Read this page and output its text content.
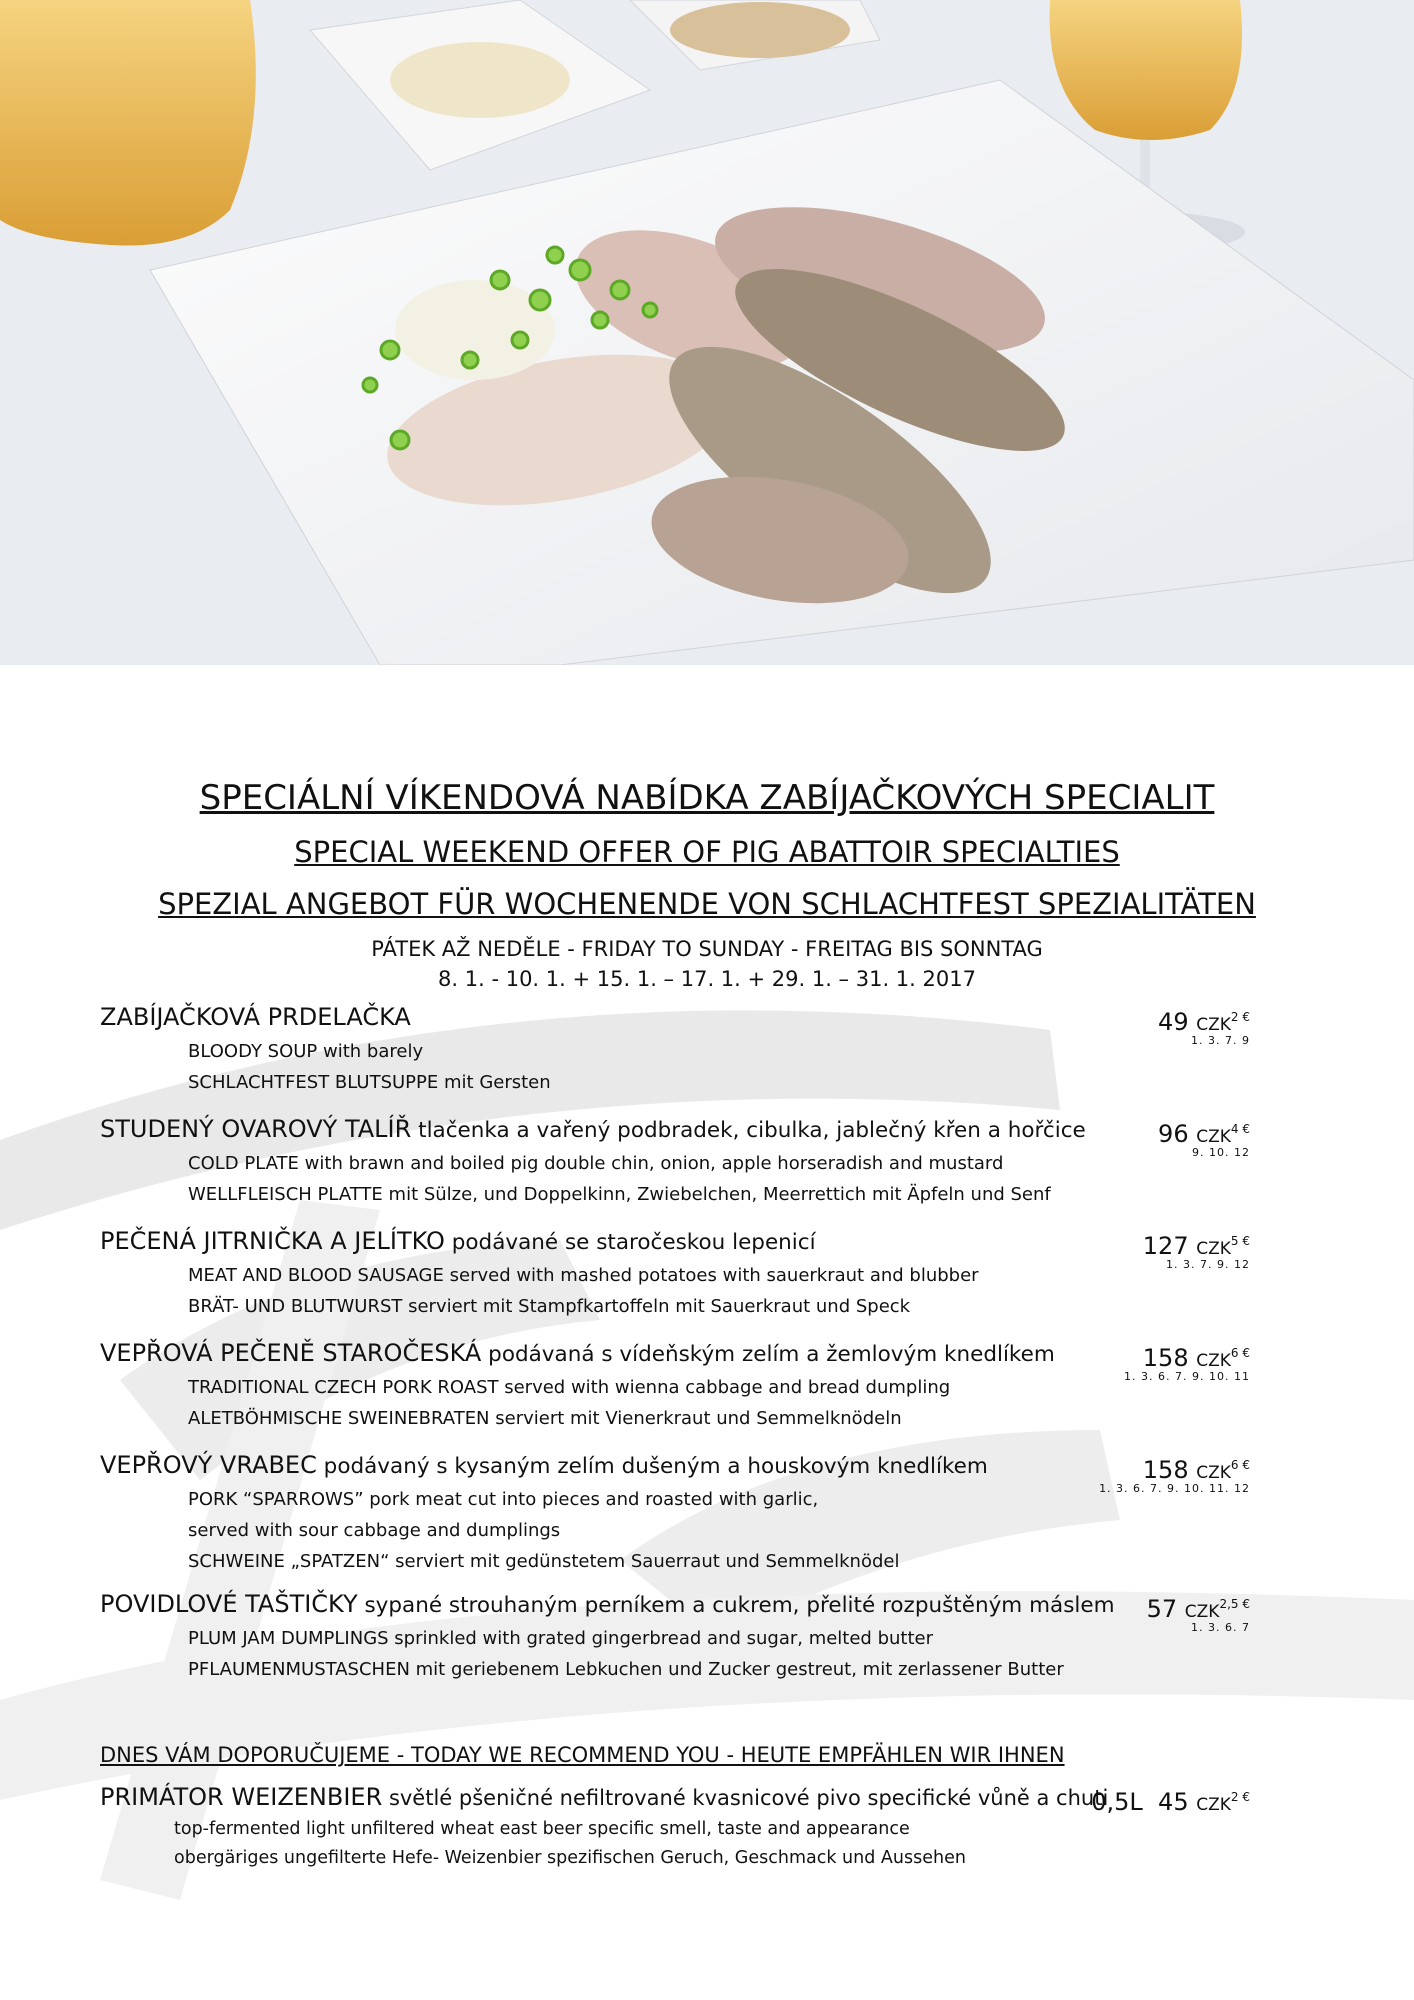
SPECIÁLNÍ VÍKENDOVÁ NABÍDKA ZABÍJAČKOVÝCH SPECIALIT
SPECIAL WEEKEND OFFER OF PIG ABATTOIR SPECIALTIES
SPEZIAL ANGEBOT FÜR WOCHENENDE VON SCHLACHTFEST SPEZIALITÄTEN
PÁTEK AŽ NEDĚLE - FRIDAY TO SUNDAY - FREITAG BIS SONNTAG
8. 1. - 10. 1. + 15. 1. – 17. 1. + 29. 1. – 31. 1. 2017
ZABÍJAČKOVÁ PRDELAČKA
BLOODY SOUP with barely
SCHLACHTFEST BLUTSUPPE mit Gersten
49 $CZK^{2 €}$
1. 3. 7. 9
STUDENÝ OVAROVÝ TALÍŘ tlačenka a vařený podbradek, cibulka, jablečný křen a hořčice
COLD PLATE with brawn and boiled pig double chin, onion, apple horseradish and mustard
WELLFLEISCH PLATTE mit Sülze, und Doppelkinn, Zwiebelchen, Meerrettich mit Äpfeln und Senf
96 $CZK^{4 €}$
9. 10. 12
PEČENÁ JITRNIČKA A JELÍTKO podávané se staročeskou lepenicí
MEAT AND BLOOD SAUSAGE served with mashed potatoes with sauerkraut and blubber
BRÄT- UND BLUTWURST serviert mit Stampfkartoffeln mit Sauerkraut und Speck
127 $CZK^{5 €}$
1. 3. 7. 9. 12
VEPŘOVÁ PEČENĚ STAROČESKÁ podávaná s vídeňským zelím a žemlovým knedlíkem
TRADITIONAL CZECH PORK ROAST served with wienna cabbage and bread dumpling
ALETBÖHMISCHE SWEINEBRATEN serviert mit Vienerkraut und Semmelknödeln
158 $CZK^{6 €}$
1. 3. 6. 7. 9. 10. 11
VEPŘOVÝ VRABEC podávaný s kysaným zelím dušeným a houskovým knedlíkem
PORK “SPARROWS” pork meat cut into pieces and roasted with garlic,
served with sour cabbage and dumplings
SCHWEINE „SPATZEN“ serviert mit gedünstetem Sauerraut und Semmelknödel
158 $CZK^{6 €}$
1. 3. 6. 7. 9. 10. 11. 12
POVIDLOVÉ TAŠTIČKY sypané strouhaným perníkem a cukrem, přelité rozpuštěným máslem
PLUM JAM DUMPLINGS sprinkled with grated gingerbread and sugar, melted butter
PFLAUMENMUSTASCHEN mit geriebenem Lebkuchen und Zucker gestreut, mit zerlassener Butter
57 $CZK^{2,5 €}$
1. 3. 6. 7
DNES VÁM DOPORUČUJEME - TODAY WE RECOMMEND YOU - HEUTE EMPFÄHLEN WIR IHNEN
PRIMÁTOR WEIZENBIER světlé pšeničné nefiltrované kvasnicové pivo specifické vůně a chuti
top-fermented light unfiltered wheat east beer specific smell, taste and appearance
obergäriges ungefilterte Hefe- Weizenbier spezifischen Geruch, Geschmack und Aussehen
0,5L 45 $CZK^{2 €}$
